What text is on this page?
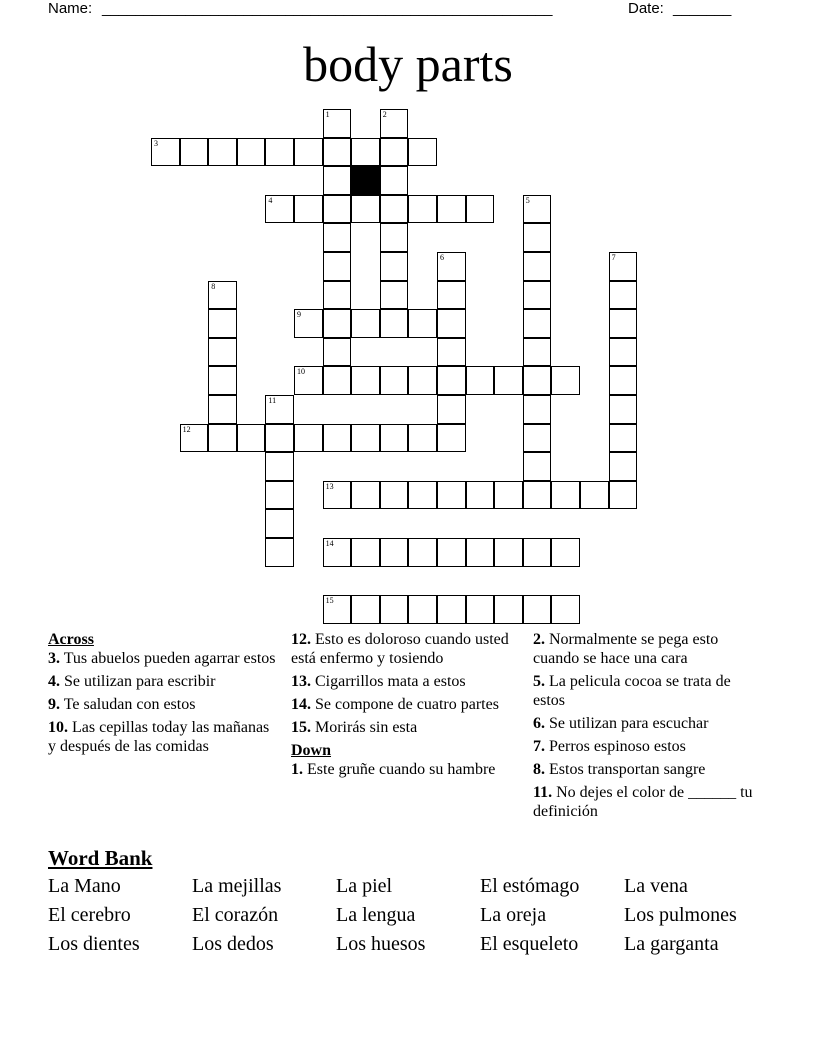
Name: ______________________________________________________	Date: _______
body parts
3
4
9
10
12
13
14
15
1	2
5
6	7
8
11
Across
3. Tus abuelos pueden agarrar estos
4. Se utilizan para escribir
9. Te saludan con estos
10. Las cepillas today las mañanas y después de las comidas
12. Esto es doloroso cuando usted está enfermo y tosiendo
13. Cigarrillos mata a estos
14. Se compone de cuatro partes
15. Morirás sin esta
Down
1. Este gruñe cuando su hambre
2. Normalmente se pega esto cuando se hace una cara
5. La pelicula cocoa se trata de estos
6. Se utilizan para escuchar
7. Perros espinoso estos
8. Estos transportan sangre
11. No dejes el color de ______ tu definición
Word Bank
La Mano	La mejillas	La piel	El estómago	La vena
El cerebro	El corazón	La lengua	La oreja	Los pulmones
Los dientes	Los dedos	Los huesos	El esqueleto	La garganta
